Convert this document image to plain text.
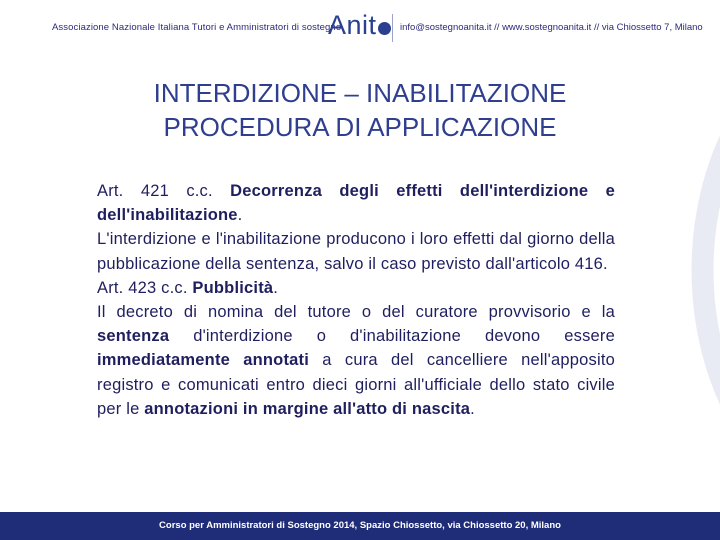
Associazione Nazionale Italiana Tutori e Amministratori di sostegno
Anit	info@sostegnoanita.it // www.sostegnoanita.it // via Chiossetto 7, Milano
INTERDIZIONE – INABILITAZIONE
PROCEDURA DI APPLICAZIONE

Art. 421 c.c. Decorrenza degli effetti dell'interdizione e dell'inabilitazione.

L'interdizione e l'inabilitazione producono i loro effetti dal giorno della pubblicazione della sentenza, salvo il caso previsto dall'articolo 416.

Art. 423 c.c. Pubblicità.

Il decreto di nomina del tutore o del curatore provvisorio e la sentenza d'interdizione o d'inabilitazione devono essere immediatamente annotati a cura del cancelliere nell'apposito registro e comunicati entro dieci giorni all'ufficiale dello stato civile per le annotazioni in margine all'atto di nascita.

Corso per Amministratori di Sostegno 2014, Spazio Chiossetto, via Chiossetto 20, Milano
